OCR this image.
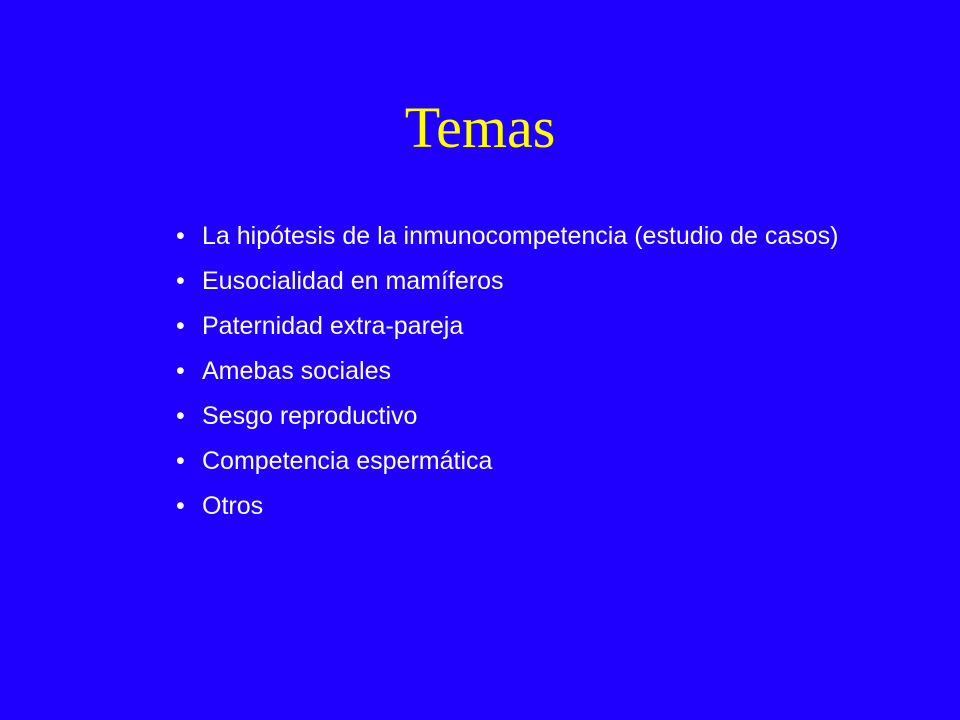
Temas
• La hipótesis de la inmunocompetencia (estudio de casos)
• Eusocialidad en mamíferos
• Paternidad extra-pareja
• Amebas sociales
• Sesgo reproductivo
• Competencia espermática
• Otros
